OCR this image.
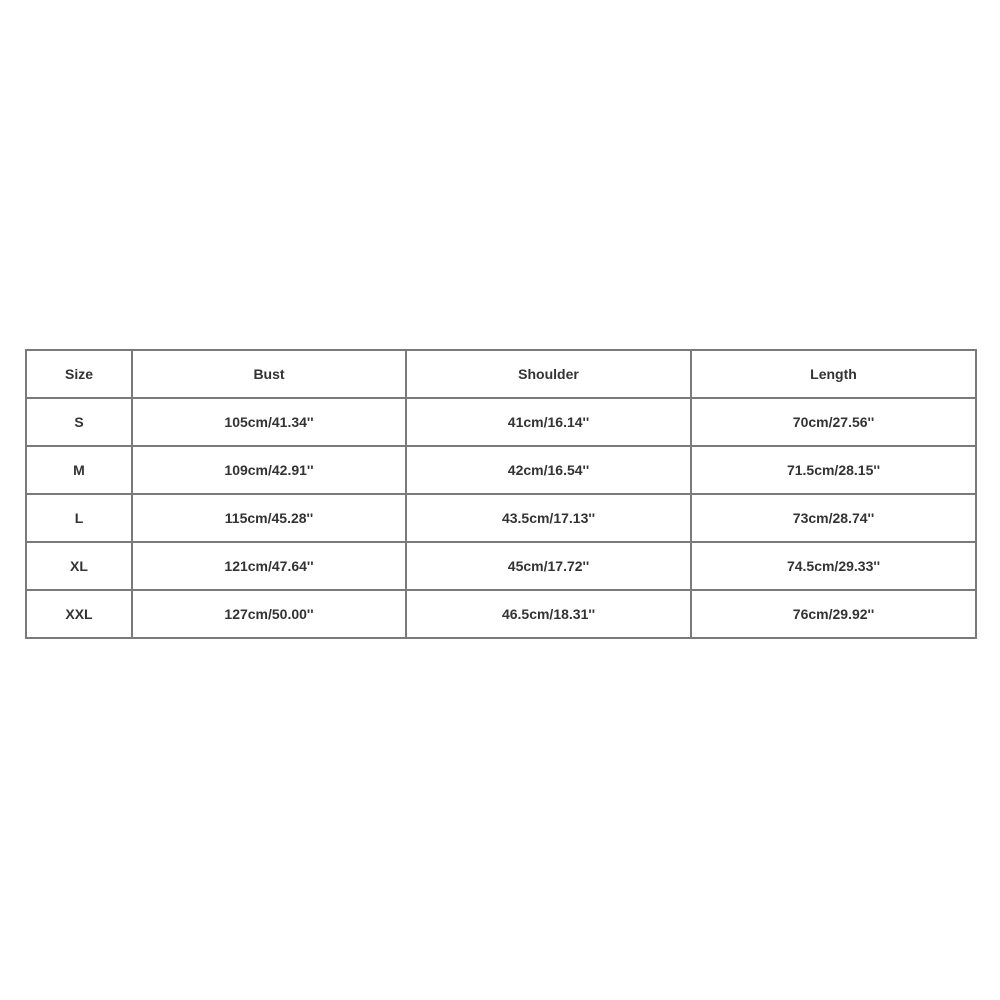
Size	Bust	Shoulder	Length
S	105cm/41.34''	41cm/16.14''	70cm/27.56''
M	109cm/42.91''	42cm/16.54''	71.5cm/28.15''
L	115cm/45.28''	43.5cm/17.13''	73cm/28.74''
XL	121cm/47.64''	45cm/17.72''	74.5cm/29.33''
XXL	127cm/50.00''	46.5cm/18.31''	76cm/29.92''
